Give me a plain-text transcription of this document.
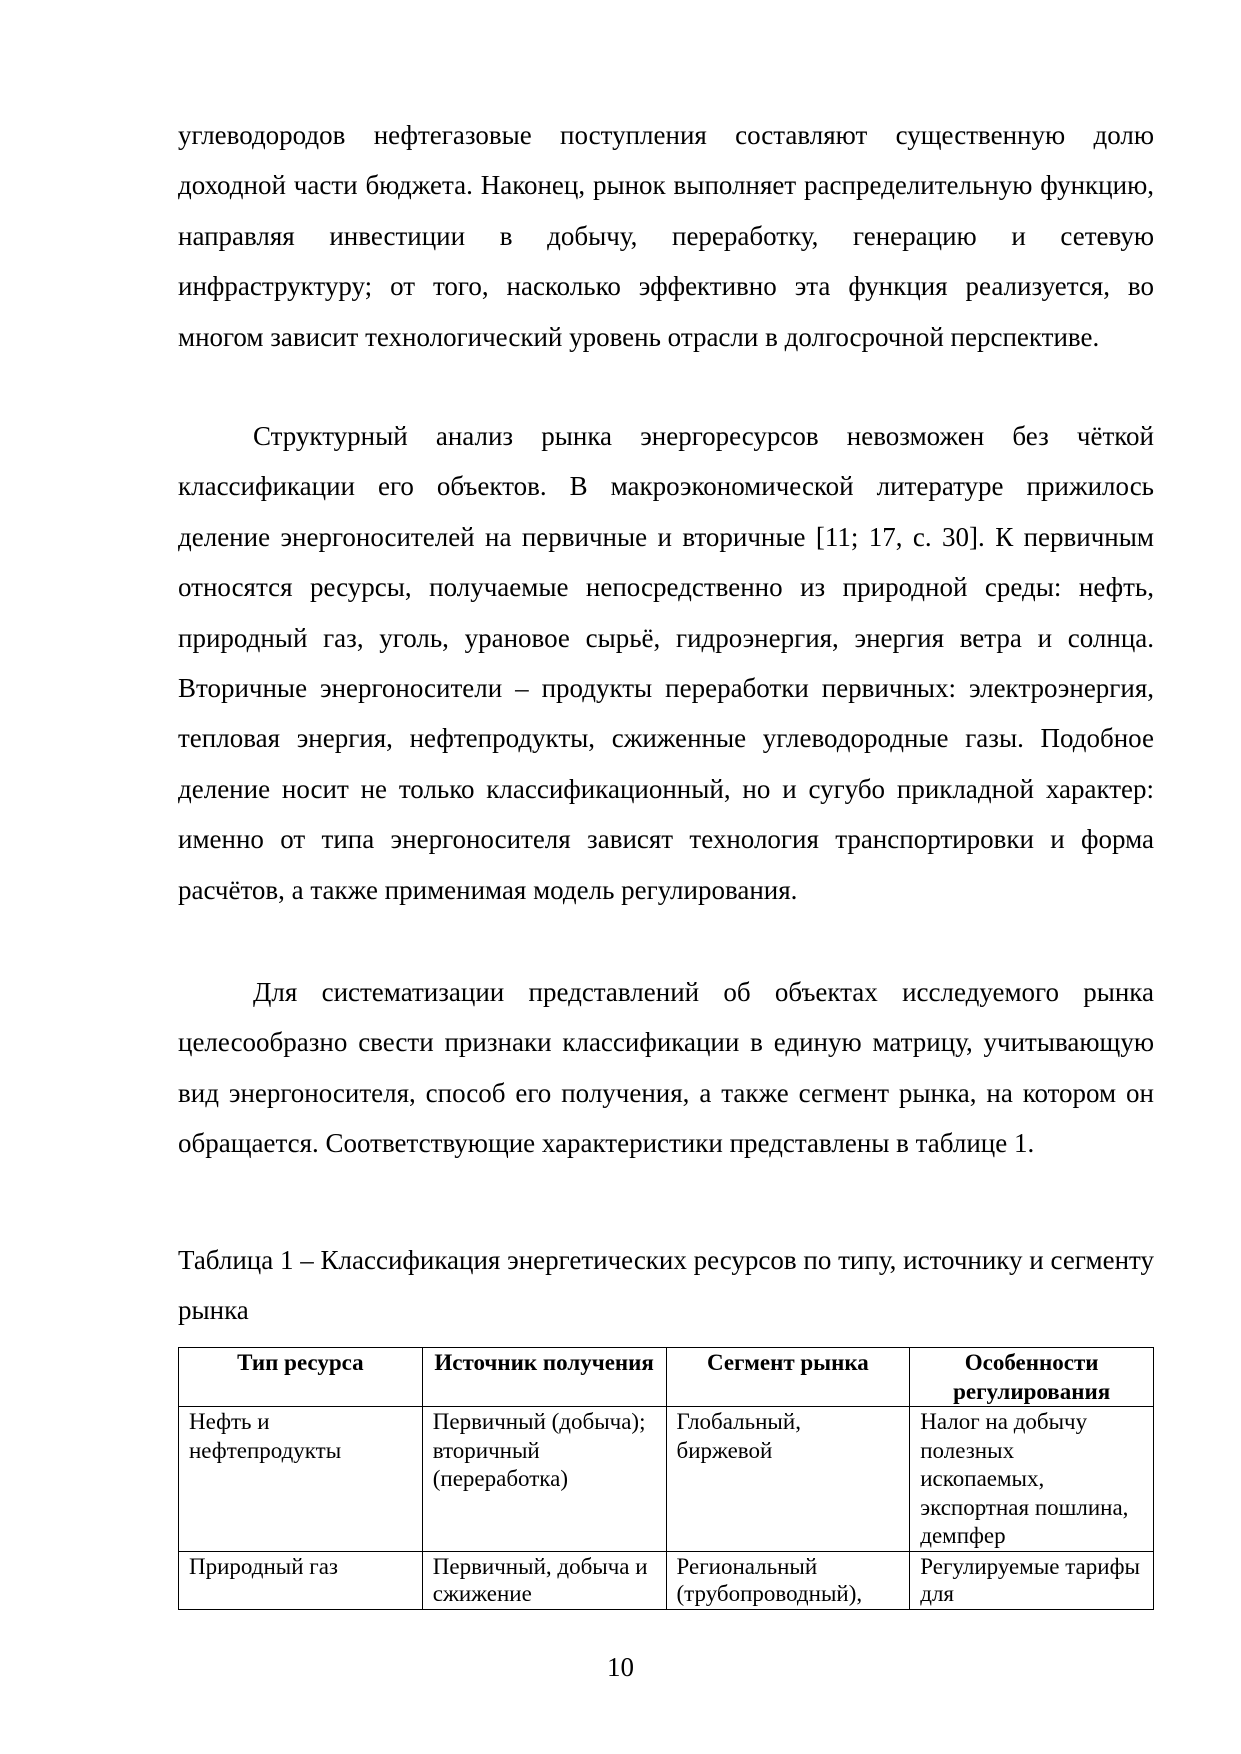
углеводородов нефтегазовые поступления составляют существенную долю доходной части бюджета. Наконец, рынок выполняет распределительную функцию, направляя инвестиции в добычу, переработку, генерацию и сетевую инфраструктуру; от того, насколько эффективно эта функция реализуется, во многом зависит технологический уровень отрасли в долгосрочной перспективе.

Структурный анализ рынка энергоресурсов невозможен без чёткой классификации его объектов. В макроэкономической литературе прижилось деление энергоносителей на первичные и вторичные [11; 17, с. 30]. К первичным относятся ресурсы, получаемые непосредственно из природной среды: нефть, природный газ, уголь, урановое сырьё, гидроэнергия, энергия ветра и солнца. Вторичные энергоносители – продукты переработки первичных: электроэнергия, тепловая энергия, нефтепродукты, сжиженные углеводородные газы. Подобное деление носит не только классификационный, но и сугубо прикладной характер: именно от типа энергоносителя зависят технология транспортировки и форма расчётов, а также применимая модель регулирования.

Для систематизации представлений об объектах исследуемого рынка целесообразно свести признаки классификации в единую матрицу, учитывающую вид энергоносителя, способ его получения, а также сегмент рынка, на котором он обращается. Соответствующие характеристики представлены в таблице 1.

Таблица 1 – Классификация энергетических ресурсов по типу, источнику и сегменту рынка

Тип ресурса	Источник получения	Сегмент рынка	Особенности регулирования
Нефть и нефтепродукты	Первичный (добыча); вторичный (переработка)	Глобальный, биржевой	Налог на добычу полезных ископаемых, экспортная пошлина, демпфер
Природный газ	Первичный, добыча и сжижение	Региональный (трубопроводный),	Регулируемые тарифы для
10
